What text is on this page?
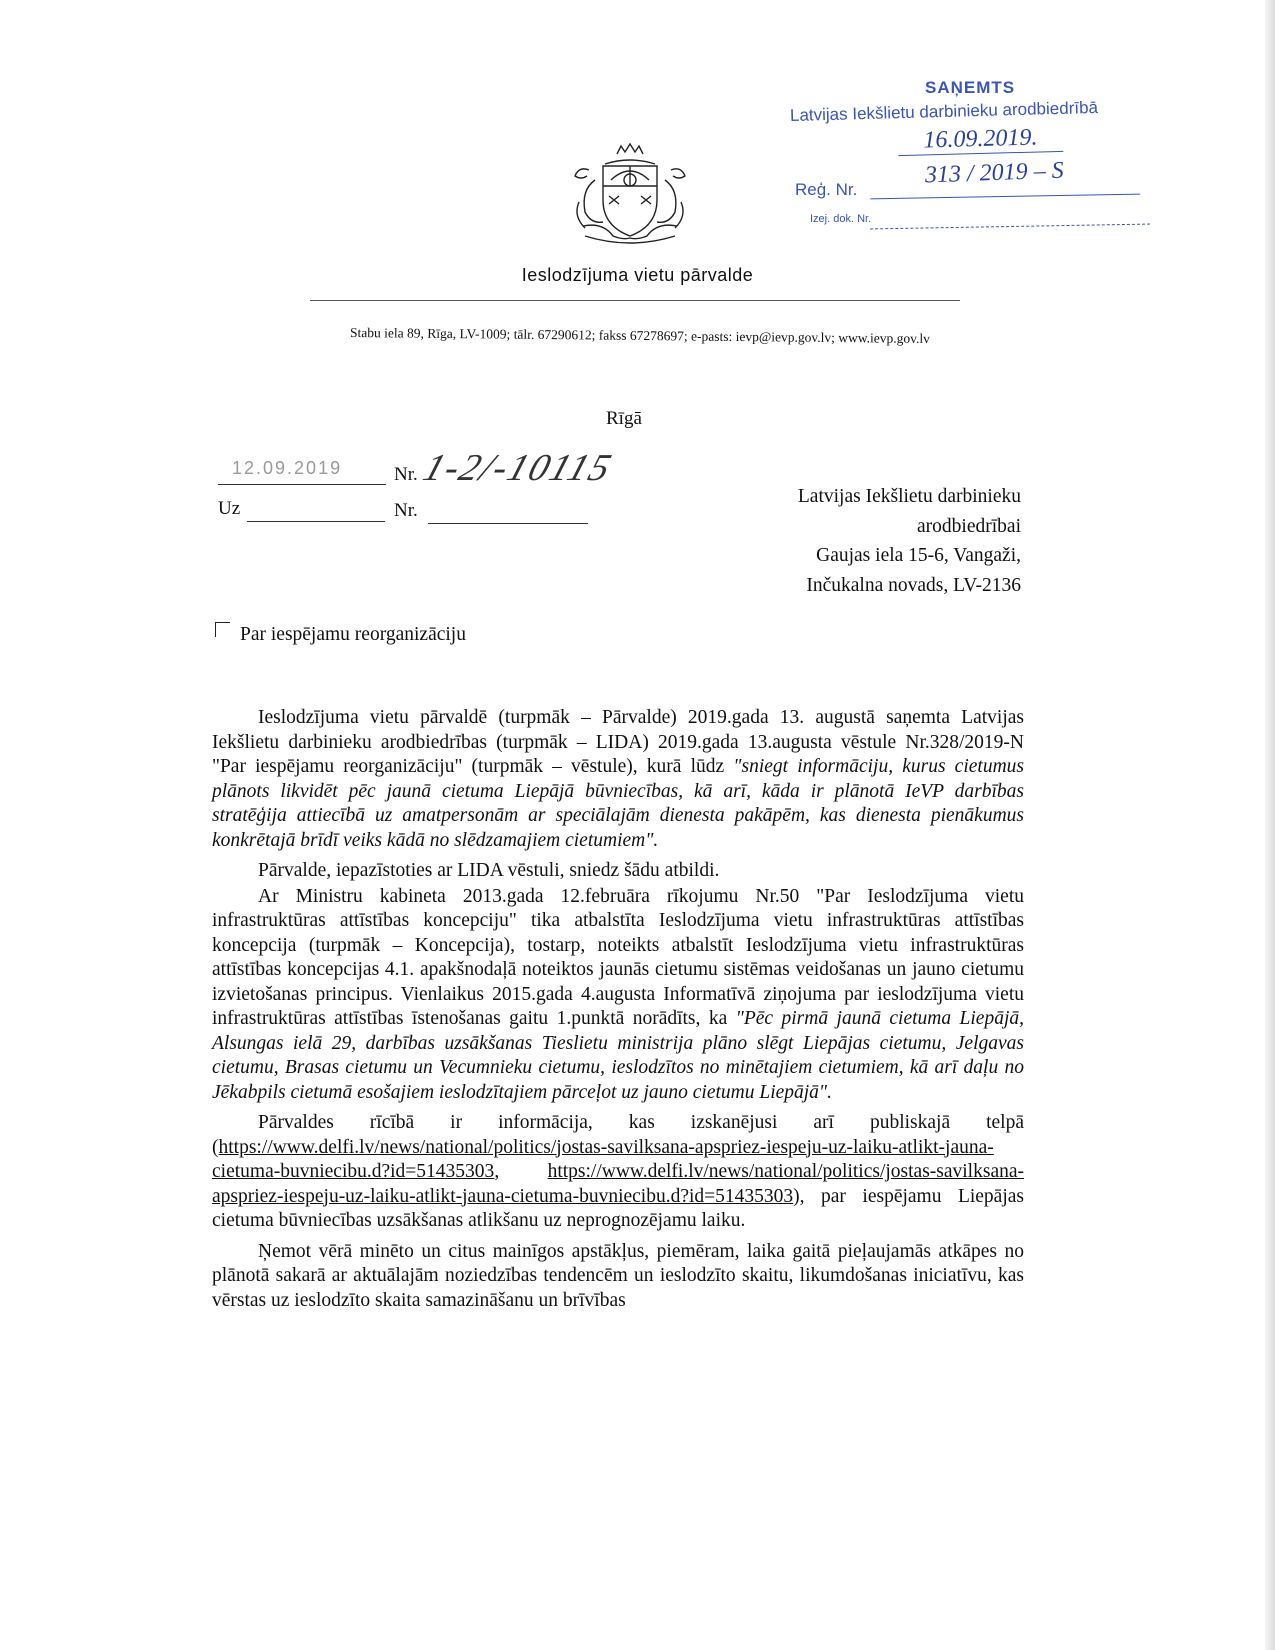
SAŅEMTS
Latvijas Iekšlietu darbinieku arodbiedrībā
16.09.2019.
Reģ. Nr.
313 / 2019 – S
Izej. dok. Nr.
Ieslodzījuma vietu pārvalde
Stabu iela 89, Rīga, LV-1009; tālr. 67290612; fakss 67278697; e-pasts: ievp@ievp.gov.lv; www.ievp.gov.lv
Rīgā
12.09.2019	Nr. 1-2/-10115
Uz	Nr.
Latvijas Iekšlietu darbinieku
arodbiedrībai
Gaujas iela 15-6, Vangaži,
Inčukalna novads, LV-2136
Par iespējamu reorganizāciju

Ieslodzījuma vietu pārvaldē (turpmāk – Pārvalde) 2019.gada 13. augustā saņemta Latvijas Iekšlietu darbinieku arodbiedrības (turpmāk – LIDA) 2019.gada 13.augusta vēstule Nr.328/2019-N "Par iespējamu reorganizāciju" (turpmāk – vēstule), kurā lūdz "sniegt informāciju, kurus cietumus plānots likvidēt pēc jaunā cietuma Liepājā būvniecības, kā arī, kāda ir plānotā IeVP darbības stratēģija attiecībā uz amatpersonām ar speciālajām dienesta pakāpēm, kas dienesta pienākumus konkrētajā brīdī veiks kādā no slēdzamajiem cietumiem".

Pārvalde, iepazīstoties ar LIDA vēstuli, sniedz šādu atbildi.

Ar Ministru kabineta 2013.gada 12.februāra rīkojumu Nr.50 "Par Ieslodzījuma vietu infrastruktūras attīstības koncepciju" tika atbalstīta Ieslodzījuma vietu infrastruktūras attīstības koncepcija (turpmāk – Koncepcija), tostarp, noteikts atbalstīt Ieslodzījuma vietu infrastruktūras attīstības koncepcijas 4.1. apakšnodaļā noteiktos jaunās cietumu sistēmas veidošanas un jauno cietumu izvietošanas principus. Vienlaikus 2015.gada 4.augusta Informatīvā ziņojuma par ieslodzījuma vietu infrastruktūras attīstības īstenošanas gaitu 1.punktā norādīts, ka "Pēc pirmā jaunā cietuma Liepājā, Alsungas ielā 29, darbības uzsākšanas Tieslietu ministrija plāno slēgt Liepājas cietumu, Jelgavas cietumu, Brasas cietumu un Vecumnieku cietumu, ieslodzītos no minētajiem cietumiem, kā arī daļu no Jēkabpils cietumā esošajiem ieslodzītajiem pārceļot uz jauno cietumu Liepājā".

Pārvaldes rīcībā ir informācija, kas izskanējusi arī publiskajā telpā (https://www.delfi.lv/news/national/politics/jostas-savilksana-apspriez-iespeju-uz-laiku-atlikt-jauna-cietuma-buvniecibu.d?id=51435303, https://www.delfi.lv/news/national/politics/jostas-savilksana-apspriez-iespeju-uz-laiku-atlikt-jauna-cietuma-buvniecibu.d?id=51435303), par iespējamu Liepājas cietuma būvniecības uzsākšanas atlikšanu uz neprognozējamu laiku.

Ņemot vērā minēto un citus mainīgos apstākļus, piemēram, laika gaitā pieļaujamās atkāpes no plānotā sakarā ar aktuālajām noziedzības tendencēm un ieslodzīto skaitu, likumdošanas iniciatīvu, kas vērstas uz ieslodzīto skaita samazināšanu un brīvības
